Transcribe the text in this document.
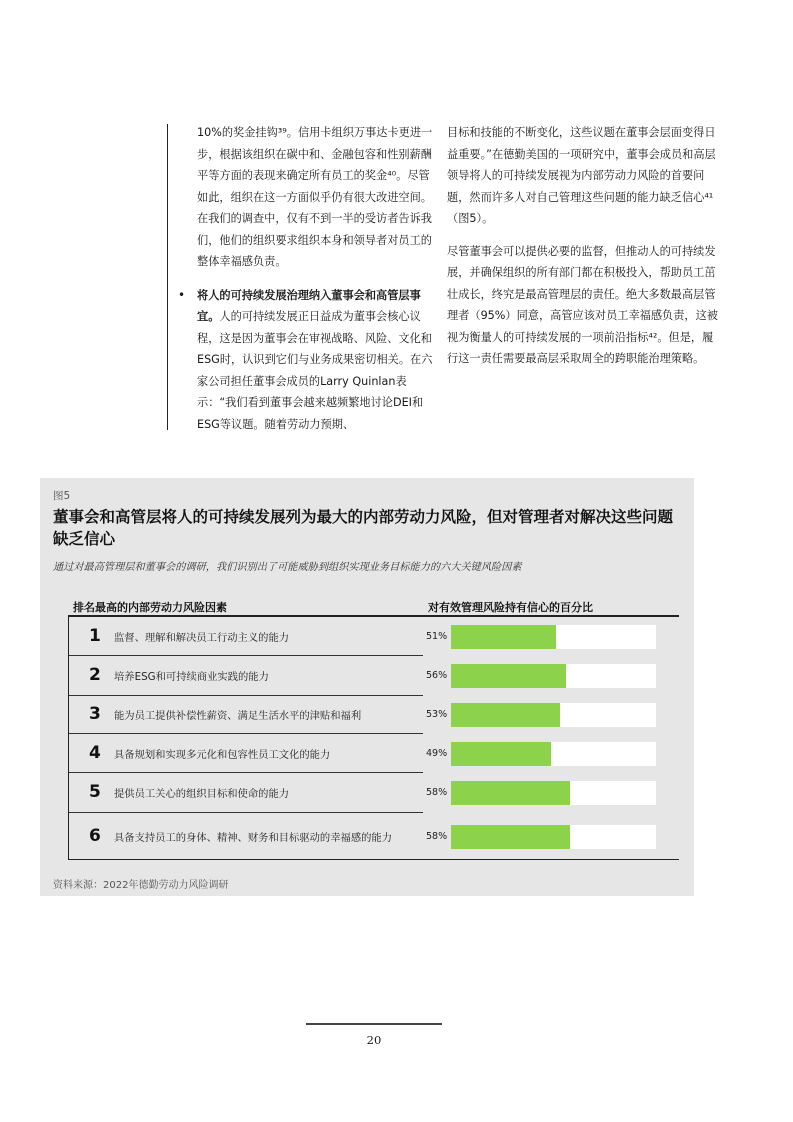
10%的奖金挂钩³⁹。信用卡组织万事达卡更进一步，根据该组织在碳中和、金融包容和性别薪酬平等方面的表现来确定所有员工的奖金⁴⁰。尽管如此，组织在这一方面似乎仍有很大改进空间。在我们的调查中，仅有不到一半的受访者告诉我们，他们的组织要求组织本身和领导者对员工的整体幸福感负责。

• 将人的可持续发展治理纳入董事会和高管层事宜。人的可持续发展正日益成为董事会核心议程，这是因为董事会在审视战略、风险、文化和ESG时，认识到它们与业务成果密切相关。在六家公司担任董事会成员的Larry Quinlan表示：“我们看到董事会越来越频繁地讨论DEI和ESG等议题。随着劳动力预期、

目标和技能的不断变化，这些议题在董事会层面变得日益重要。”在德勤美国的一项研究中，董事会成员和高层领导将人的可持续发展视为内部劳动力风险的首要问题，然而许多人对自己管理这些问题的能力缺乏信心⁴¹（图5）。

尽管董事会可以提供必要的监督，但推动人的可持续发展，并确保组织的所有部门都在积极投入，帮助员工茁壮成长，终究是最高管理层的责任。绝大多数最高层管理者（95%）同意，高管应该对员工幸福感负责，这被视为衡量人的可持续发展的一项前沿指标⁴²。但是，履行这一责任需要最高层采取周全的跨职能治理策略。

图5
董事会和高管层将人的可持续发展列为最大的内部劳动力风险，但对管理者对解决这些问题缺乏信心
通过对最高管理层和董事会的调研，我们识别出了可能威胁到组织实现业务目标能力的六大关键风险因素
排名最高的内部劳动力风险因素	对有效管理风险持有信心的百分比
1 监督、理解和解决员工行动主义的能力	51%
2 培养ESG和可持续商业实践的能力	56%
3 能为员工提供补偿性薪资、满足生活水平的津贴和福利	53%
4 具备规划和实现多元化和包容性员工文化的能力	49%
5 提供员工关心的组织目标和使命的能力	58%
6 具备支持员工的身体、精神、财务和目标驱动的幸福感的能力	58%
资料来源：2022年德勤劳动力风险调研
20
